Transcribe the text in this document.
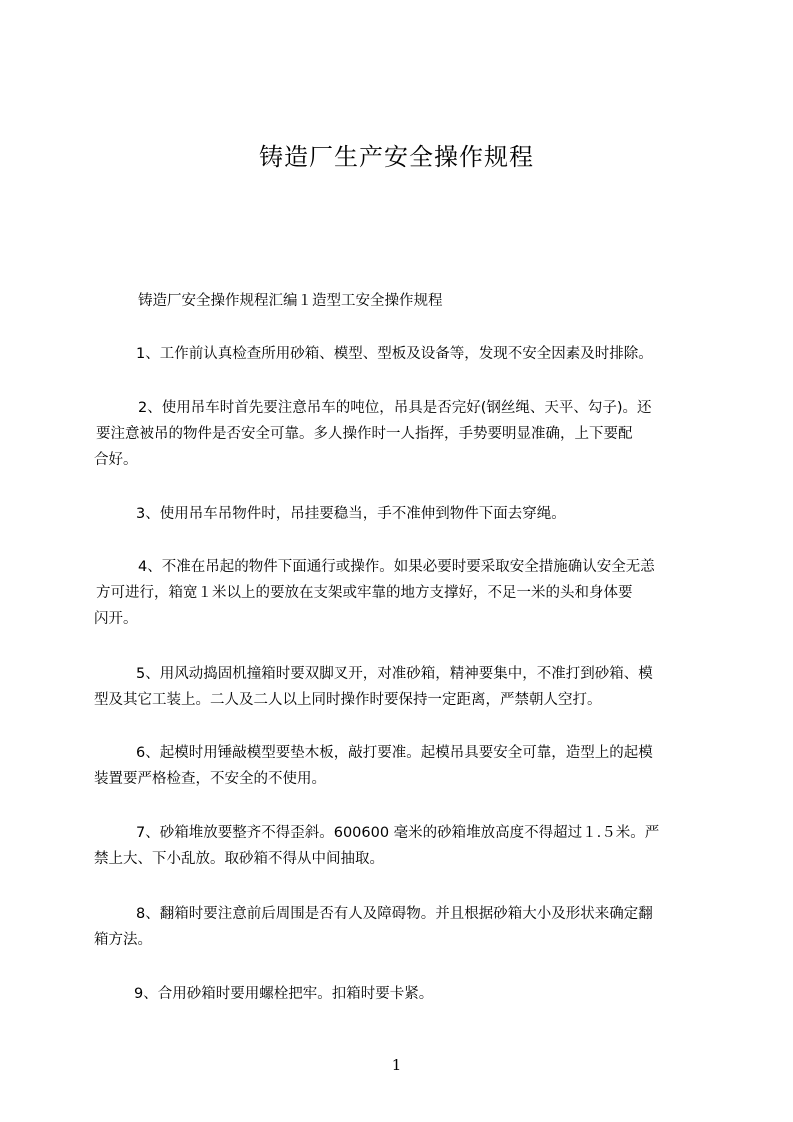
铸造厂生产安全操作规程

铸造厂安全操作规程汇编１造型工安全操作规程

1、工作前认真检查所用砂箱、模型、型板及设备等，发现不安全因素及时排除。
2、使用吊车时首先要注意吊车的吨位，吊具是否完好(钢丝绳、天平、勾子)。还
要注意被吊的物件是否安全可靠。多人操作时一人指挥，手势要明显准确，上下要配
合好。
3、使用吊车吊物件时，吊挂要稳当，手不准伸到物件下面去穿绳。
4、不准在吊起的物件下面通行或操作。如果必要时要采取安全措施确认安全无恙
方可进行，箱宽１米以上的要放在支架或牢靠的地方支撑好，不足一米的头和身体要
闪开。
5、用风动捣固机撞箱时要双脚叉开，对准砂箱，精神要集中，不准打到砂箱、模
型及其它工装上。二人及二人以上同时操作时要保持一定距离，严禁朝人空打。
6、起模时用锤敲模型要垫木板，敲打要准。起模吊具要安全可靠，造型上的起模
装置要严格检查，不安全的不使用。
7、砂箱堆放要整齐不得歪斜。600600 毫米的砂箱堆放高度不得超过１.５米。严
禁上大、下小乱放。取砂箱不得从中间抽取。
8、翻箱时要注意前后周围是否有人及障碍物。并且根据砂箱大小及形状来确定翻
箱方法。
9、合用砂箱时要用螺栓把牢。扣箱时要卡紧。
1
